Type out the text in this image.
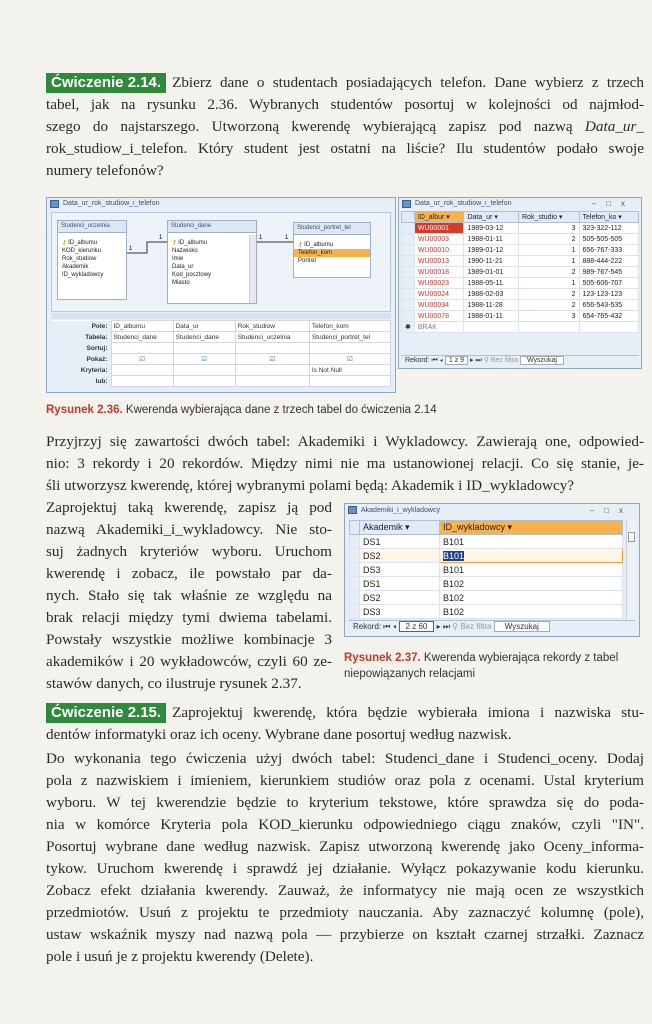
Ćwiczenie 2.14. Zbierz dane o studentach posiadających telefon. Dane wybierz z trzech
tabel, jak na rysunku 2.36. Wybranych studentów posortuj w kolejności od najmłod-
szego do najstarszego. Utworzoną kwerendę wybierającą zapisz pod nazwą Data_ur_
rok_studiow_i_telefon. Który student jest ostatni na liście? Ilu studentów podało swoje
numery telefonów?
Data_ur_rok_studiow_i_telefon
Studenci_uczelnia
⚷ ID_albumu
KOD_kierunku
Rok_studiow
Akademik
ID_wykladowcy
Studenci_dane
⚷ ID_albumu
Nazwisko
Imie
Data_ur
Kod_pocztowy
Miasto
Studenci_portret_tel
⚷ ID_albumu
Telefon_kom
Portret
1
1	1	1
Pole:	ID_albumu	Data_ur	Rok_studiow	Telefon_kom
Tabela:	Studenci_dane	Studenci_dane	Studenci_uczelnia	Studenci_portret_tel
Sortuj:				
Pokaż:	☑	☑	☑	☑
Kryteria:				Is Not Null
lub:				
Data_ur_rok_studiow_i_telefon	–□x
	ID_albur ▾	Data_ur ▾	Rok_studio ▾	Telefon_ko ▾
	WU00001	1989-03-12	3	323-322-112
	WU00003	1988-01-11	2	505-505-505
	WU00010	1989-01-12	1	656-767-333
	WU00013	1990-11-21	1	888-444-222
	WU00018	1989-01-01	2	989-767-545
	WU00023	1988-05-11	1	505-606-707
	WU00024	1988-02-03	2	123-123-123
	WU00034	1988-11-28	2	656-543-535
	WU00078	1988-01-11	3	654-765-432
✱	BRAK			
Rekord: ⏮ ◂ 1 z 9 ▸ ⏭ ⚲ Bez filtra Wyszukaj
Rysunek 2.36. Kwerenda wybierająca dane z trzech tabel do ćwiczenia 2.14
Przyjrzyj się zawartości dwóch tabel: Akademiki i Wykladowcy. Zawierają one, odpowied-
nio: 3 rekordy i 20 rekordów. Między nimi nie ma ustanowionej relacji. Co się stanie, je-
śli utworzysz kwerendę, której wybranymi polami będą: Akademik i ID_wykladowcy?
Zaprojektuj taką kwerendę, zapisz ją pod
nazwą Akademiki_i_wykladowcy. Nie sto-
suj żadnych kryteriów wyboru. Uruchom
kwerendę i zobacz, ile powstało par da-
nych. Stało się tak właśnie ze względu na
brak relacji między tymi dwiema tabelami.
Powstały wszystkie możliwe kombinacje 3
akademików i 20 wykładowców, czyli 60 ze-
stawów danych, co ilustruje rysunek 2.37.
Akademiki_i_wykladowcy	–□x
	Akademik ▾	ID_wykladowcy ▾
	DS1	B101
	DS2	B101
	DS3	B101
	DS1	B102
	DS2	B102
	DS3	B102
Rekord: ⏮ ◂ 2 z 60 ▸ ⏭ ⚲ Bez filtra Wyszukaj
Rysunek 2.37. Kwerenda wybierająca rekordy z tabel niepowiązanych relacjami
Ćwiczenie 2.15. Zaprojektuj kwerendę, która będzie wybierała imiona i nazwiska stu-
dentów informatyki oraz ich oceny. Wybrane dane posortuj według nazwisk.
Do wykonania tego ćwiczenia użyj dwóch tabel: Studenci_dane i Studenci_oceny. Dodaj
pola z nazwiskiem i imieniem, kierunkiem studiów oraz pola z ocenami. Ustal kryterium
wyboru. W tej kwerendzie będzie to kryterium tekstowe, które sprawdza się do poda-
nia w komórce Kryteria pola KOD_kierunku odpowiedniego ciągu znaków, czyli "IN".
Posortuj wybrane dane według nazwisk. Zapisz utworzoną kwerendę jako Oceny_informa-
tykow. Uruchom kwerendę i sprawdź jej działanie. Wyłącz pokazywanie kodu kierunku.
Zobacz efekt działania kwerendy. Zauważ, że informatycy nie mają ocen ze wszystkich
przedmiotów. Usuń z projektu te przedmioty nauczania. Aby zaznaczyć kolumnę (pole),
ustaw wskaźnik myszy nad nazwą pola — przybierze on kształt czarnej strzałki. Zaznacz
pole i usuń je z projektu kwerendy (Delete).
